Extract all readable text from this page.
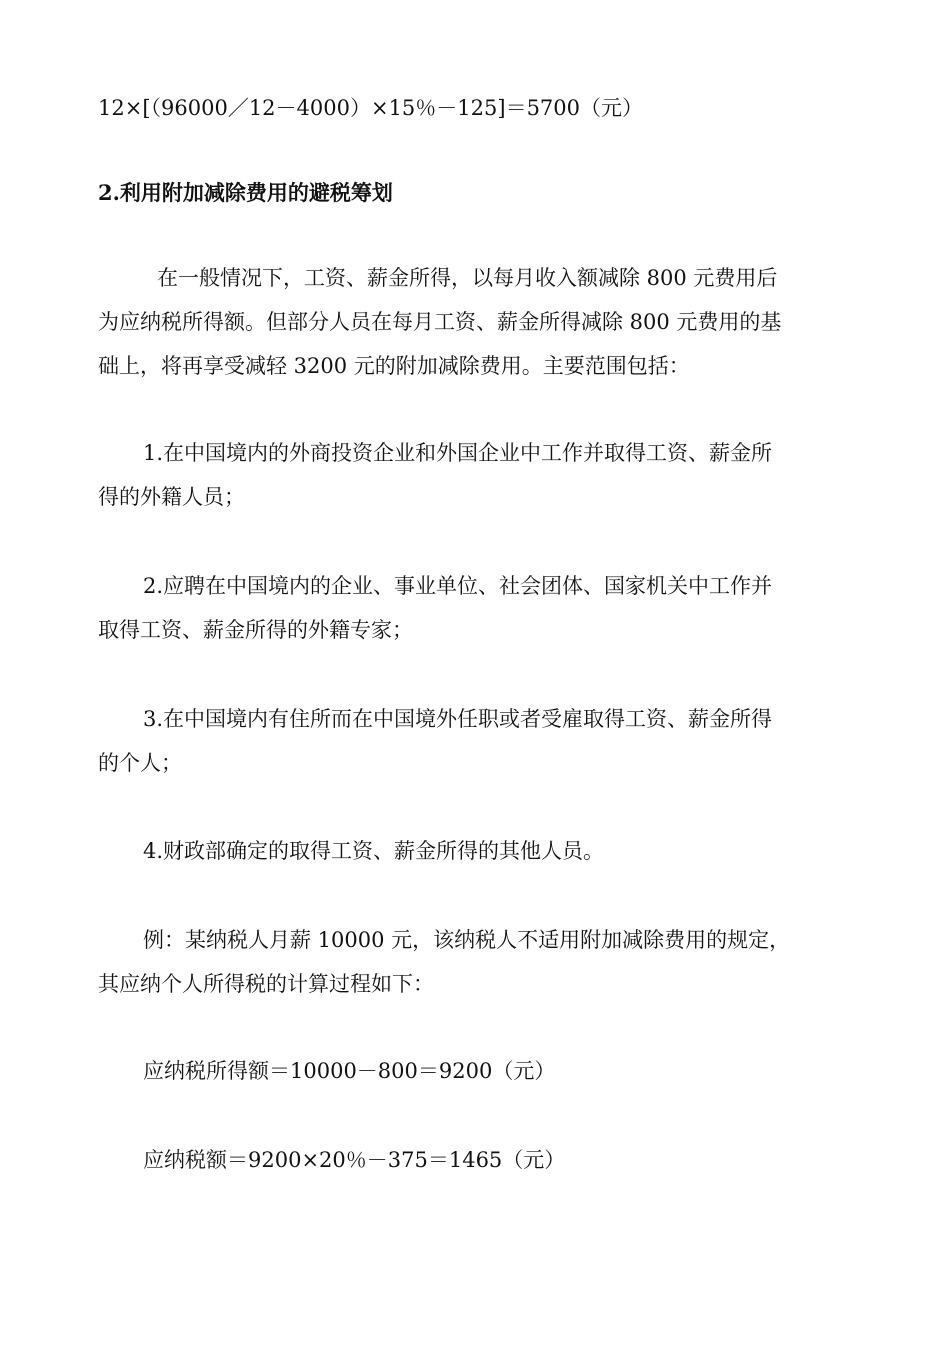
12×[（96000／12－4000）×15％－125]＝5700（元）

2.利用附加减除费用的避税筹划

在一般情况下，工资、薪金所得，以每月收入额减除 800 元费用后

为应纳税所得额。但部分人员在每月工资、薪金所得减除 800 元费用的基

础上，将再享受减轻 3200 元的附加减除费用。主要范围包括：

1.在中国境内的外商投资企业和外国企业中工作并取得工资、薪金所

得的外籍人员；

2.应聘在中国境内的企业、事业单位、社会团体、国家机关中工作并

取得工资、薪金所得的外籍专家；

3.在中国境内有住所而在中国境外任职或者受雇取得工资、薪金所得

的个人；

4.财政部确定的取得工资、薪金所得的其他人员。

例：某纳税人月薪 10000 元，该纳税人不适用附加减除费用的规定，

其应纳个人所得税的计算过程如下：

应纳税所得额＝10000－800＝9200（元）

应纳税额＝9200×20％－375＝1465（元）
